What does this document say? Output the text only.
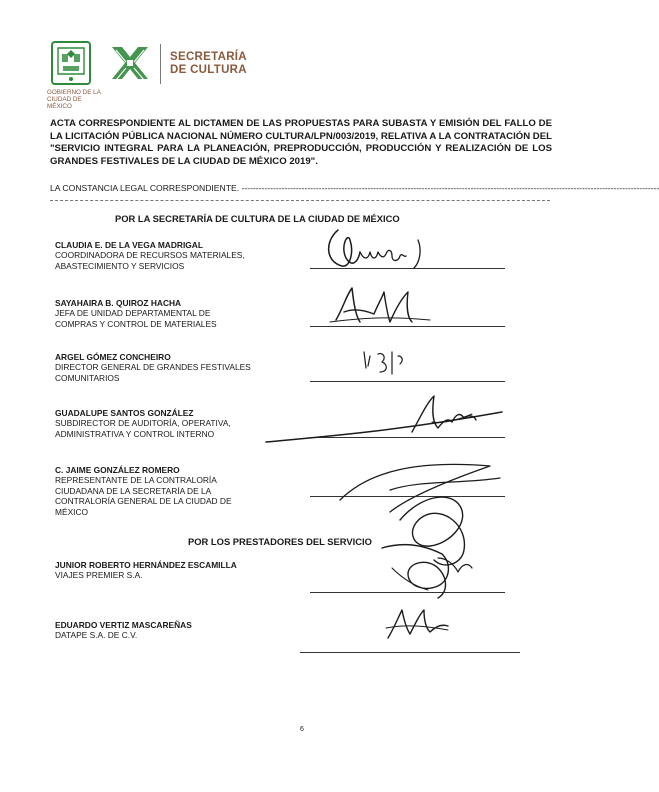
GOBIERNO DE LA
CIUDAD DE MÉXICO
SECRETARÍA
DE CULTURA
ACTA CORRESPONDIENTE AL DICTAMEN DE LAS PROPUESTAS PARA SUBASTA Y EMISIÓN DEL FALLO DE LA LICITACIÓN PÚBLICA NACIONAL NÚMERO CULTURA/LPN/003/2019, RELATIVA A LA CONTRATACIÓN DEL "SERVICIO INTEGRAL PARA LA PLANEACIÓN, PREPRODUCCIÓN, PRODUCCIÓN Y REALIZACIÓN DE LOS GRANDES FESTIVALES DE LA CIUDAD DE MÉXICO 2019".
LA CONSTANCIA LEGAL CORRESPONDIENTE. --------------------------------------------------------------------------------------------------------------------------------------------------
POR LA SECRETARÍA DE CULTURA DE LA CIUDAD DE MÉXICO
CLAUDIA E. DE LA VEGA MADRIGAL
COORDINADORA DE RECURSOS MATERIALES,
ABASTECIMIENTO Y SERVICIOS
SAYAHAIRA B. QUIROZ HACHA
JEFA DE UNIDAD DEPARTAMENTAL DE
COMPRAS Y CONTROL DE MATERIALES
ARGEL GÓMEZ CONCHEIRO
DIRECTOR GENERAL DE GRANDES FESTIVALES
COMUNITARIOS
GUADALUPE SANTOS GONZÁLEZ
SUBDIRECTOR DE AUDITORÍA, OPERATIVA,
ADMINISTRATIVA Y CONTROL INTERNO
C. JAIME GONZÁLEZ ROMERO
REPRESENTANTE DE LA CONTRALORÍA
CIUDADANA DE LA SECRETARÍA DE LA
CONTRALORÍA GENERAL DE LA CIUDAD DE
MÉXICO
POR LOS PRESTADORES DEL SERVICIO
JUNIOR ROBERTO HERNÁNDEZ ESCAMILLA
VIAJES PREMIER S.A.
EDUARDO VERTIZ MASCAREÑAS
DATAPE S.A. DE C.V.
6
